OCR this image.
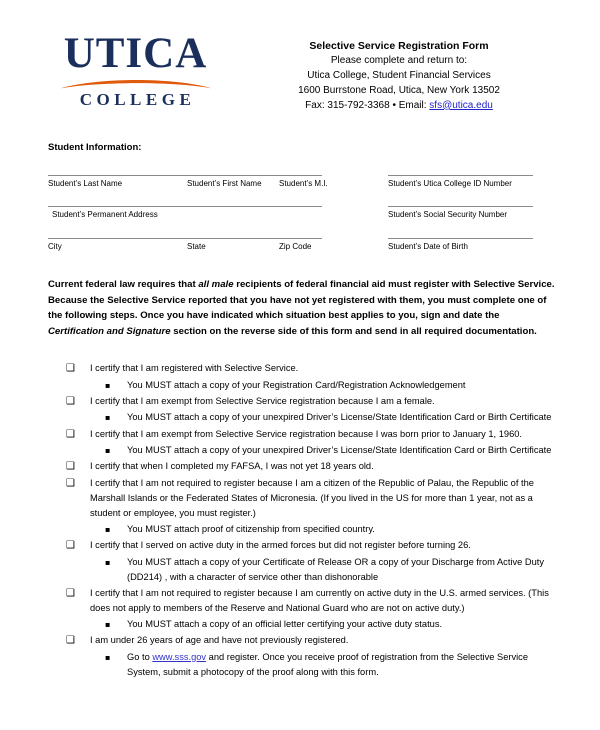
UTICA
COLLEGE
Selective Service Registration Form
Please complete and return to:
Utica College, Student Financial Services
1600 Burrstone Road, Utica, New York 13502
Fax: 315-792-3368 • Email: sfs@utica.edu
Student Information:
Student’s Last Name	Student’s First Name	Student’s M.I.	Student’s Utica College ID Number
Student’s Permanent Address	Student’s Social Security Number
City	State	Zip Code	Student’s Date of Birth
Current federal law requires that all male recipients of federal financial aid must register with Selective Service. Because the Selective Service reported that you have not yet registered with them, you must complete one of the following steps. Once you have indicated which situation best applies to you, sign and date the Certification and Signature section on the reverse side of this form and send in all required documentation.
❑	I certify that I am registered with Selective Service.
▪	You MUST attach a copy of your Registration Card/Registration Acknowledgement
❑	I certify that I am exempt from Selective Service registration because I am a female.
▪	You MUST attach a copy of your unexpired Driver’s License/State Identification Card or Birth Certificate
❑	I certify that I am exempt from Selective Service registration because I was born prior to January 1, 1960.
▪	You MUST attach a copy of your unexpired Driver’s License/State Identification Card or Birth Certificate
❑	I certify that when I completed my FAFSA, I was not yet 18 years old.
❑	I certify that I am not required to register because I am a citizen of the Republic of Palau, the Republic of the Marshall Islands or the Federated States of Micronesia. (If you lived in the US for more than 1 year, not as a student or employee, you must register.)
▪	You MUST attach proof of citizenship from specified country.
❑	I certify that I served on active duty in the armed forces but did not register before turning 26.
▪	You MUST attach a copy of your Certificate of Release OR a copy of your Discharge from Active Duty (DD214) , with a character of service other than dishonorable
❑	I certify that I am not required to register because I am currently on active duty in the U.S. armed services. (This does not apply to members of the Reserve and National Guard who are not on active duty.)
▪	You MUST attach a copy of an official letter certifying your active duty status.
❑	I am under 26 years of age and have not previously registered.
▪	Go to www.sss.gov and register. Once you receive proof of registration from the Selective Service System, submit a photocopy of the proof along with this form.
